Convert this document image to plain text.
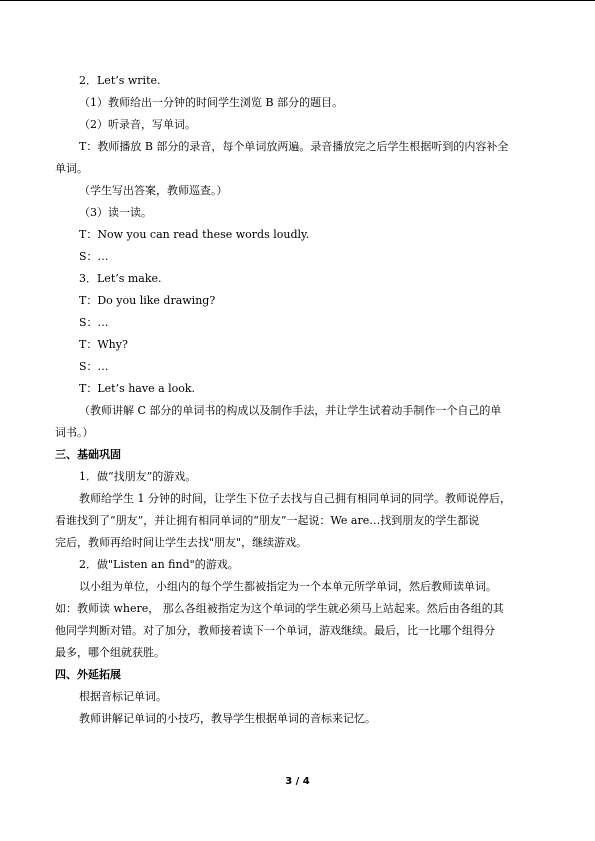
2．Let’s write.

（1）教师给出一分钟的时间学生浏览 B 部分的题目。

（2）听录音，写单词。

T：教师播放 B 部分的录音，每个单词放两遍。录音播放完之后学生根据听到的内容补全

单词。

（学生写出答案，教师巡查。）

（3）读一读。

T：Now you can read these words loudly.

S：…

3．Let’s make.

T：Do you like drawing?

S：…

T：Why?

S：…

T：Let’s have a look.

（教师讲解 C 部分的单词书的构成以及制作手法，并让学生试着动手制作一个自己的单

词书。）

三、基础巩固

1．做“找朋友”的游戏。

教师给学生 1 分钟的时间，让学生下位子去找与自己拥有相同单词的同学。教师说停后，

看谁找到了“朋友”，并让拥有相同单词的“朋友”一起说：We are…找到朋友的学生都说

完后，教师再给时间让学生去找"朋友"，继续游戏。

2．做"Listen an find"的游戏。

以小组为单位，小组内的每个学生都被指定为一个本单元所学单词，然后教师读单词。

如：教师读 where， 那么各组被指定为这个单词的学生就必须马上站起来。然后由各组的其

他同学判断对错。对了加分，教师接着读下一个单词，游戏继续。最后，比一比哪个组得分

最多，哪个组就获胜。

四、外延拓展

根据音标记单词。

教师讲解记单词的小技巧，教导学生根据单词的音标来记忆。

3 / 4
